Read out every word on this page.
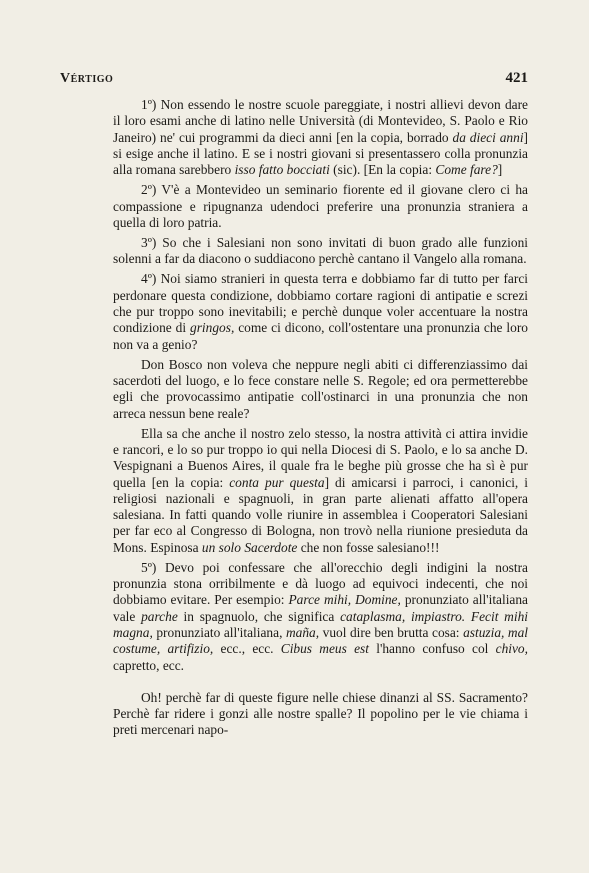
Vértigo	421

1º) Non essendo le nostre scuole pareggiate, i nostri allievi devon dare il loro esami anche di latino nelle Università (di Montevideo, S. Paolo e Rio Janeiro) ne' cui programmi da dieci anni [en la copia, borrado da dieci anni] si esige anche il latino. E se i nostri giovani si presentassero colla pronunzia alla romana sarebbero isso fatto bocciati (sic). [En la copia: Come fare?]

2º) V'è a Montevideo un seminario fiorente ed il giovane clero ci ha compassione e ripugnanza udendoci preferire una pronunzia straniera a quella di loro patria.

3º) So che i Salesiani non sono invitati di buon grado alle funzioni solenni a far da diacono o suddiacono perchè cantano il Vangelo alla romana.

4º) Noi siamo stranieri in questa terra e dobbiamo far di tutto per farci perdonare questa condizione, dobbiamo cortare ragioni di antipatie e screzi che pur troppo sono inevitabili; e perchè dunque voler accentuare la nostra condizione di gringos, come ci dicono, coll'ostentare una pronunzia che loro non va a genio?

Don Bosco non voleva che neppure negli abiti ci differenziassimo dai sacerdoti del luogo, e lo fece constare nelle S. Regole; ed ora permetterebbe egli che provocassimo antipatie coll'ostinarci in una pronunzia che non arreca nessun bene reale?

Ella sa che anche il nostro zelo stesso, la nostra attività ci attira invidie e rancori, e lo so pur troppo io qui nella Diocesi di S. Paolo, e lo sa anche D. Vespignani a Buenos Aires, il quale fra le beghe più grosse che ha sì è pur quella [en la copia: conta pur questa] di amicarsi i parroci, i canonici, i religiosi nazionali e spagnuoli, in gran parte alienati affatto all'opera salesiana. In fatti quando volle riunire in assemblea i Cooperatori Salesiani per far eco al Congresso di Bologna, non trovò nella riunione presieduta da Mons. Espinosa un solo Sacerdote che non fosse salesiano!!!

5º) Devo poi confessare che all'orecchio degli indigini la nostra pronunzia stona orribilmente e dà luogo ad equivoci indecenti, che noi dobbiamo evitare. Per esempio: Parce mihi, Domine, pronunziato all'italiana vale parche in spagnuolo, che significa cataplasma, impiastro. Fecit mihi magna, pronunziato all'italiana, maña, vuol dire ben brutta cosa: astuzia, mal costume, artifizio, ecc., ecc. Cibus meus est l'hanno confuso col chivo, capretto, ecc.

Oh! perchè far di queste figure nelle chiese dinanzi al SS. Sacramento? Perchè far ridere i gonzi alle nostre spalle? Il popolino per le vie chiama i preti mercenari napo-
